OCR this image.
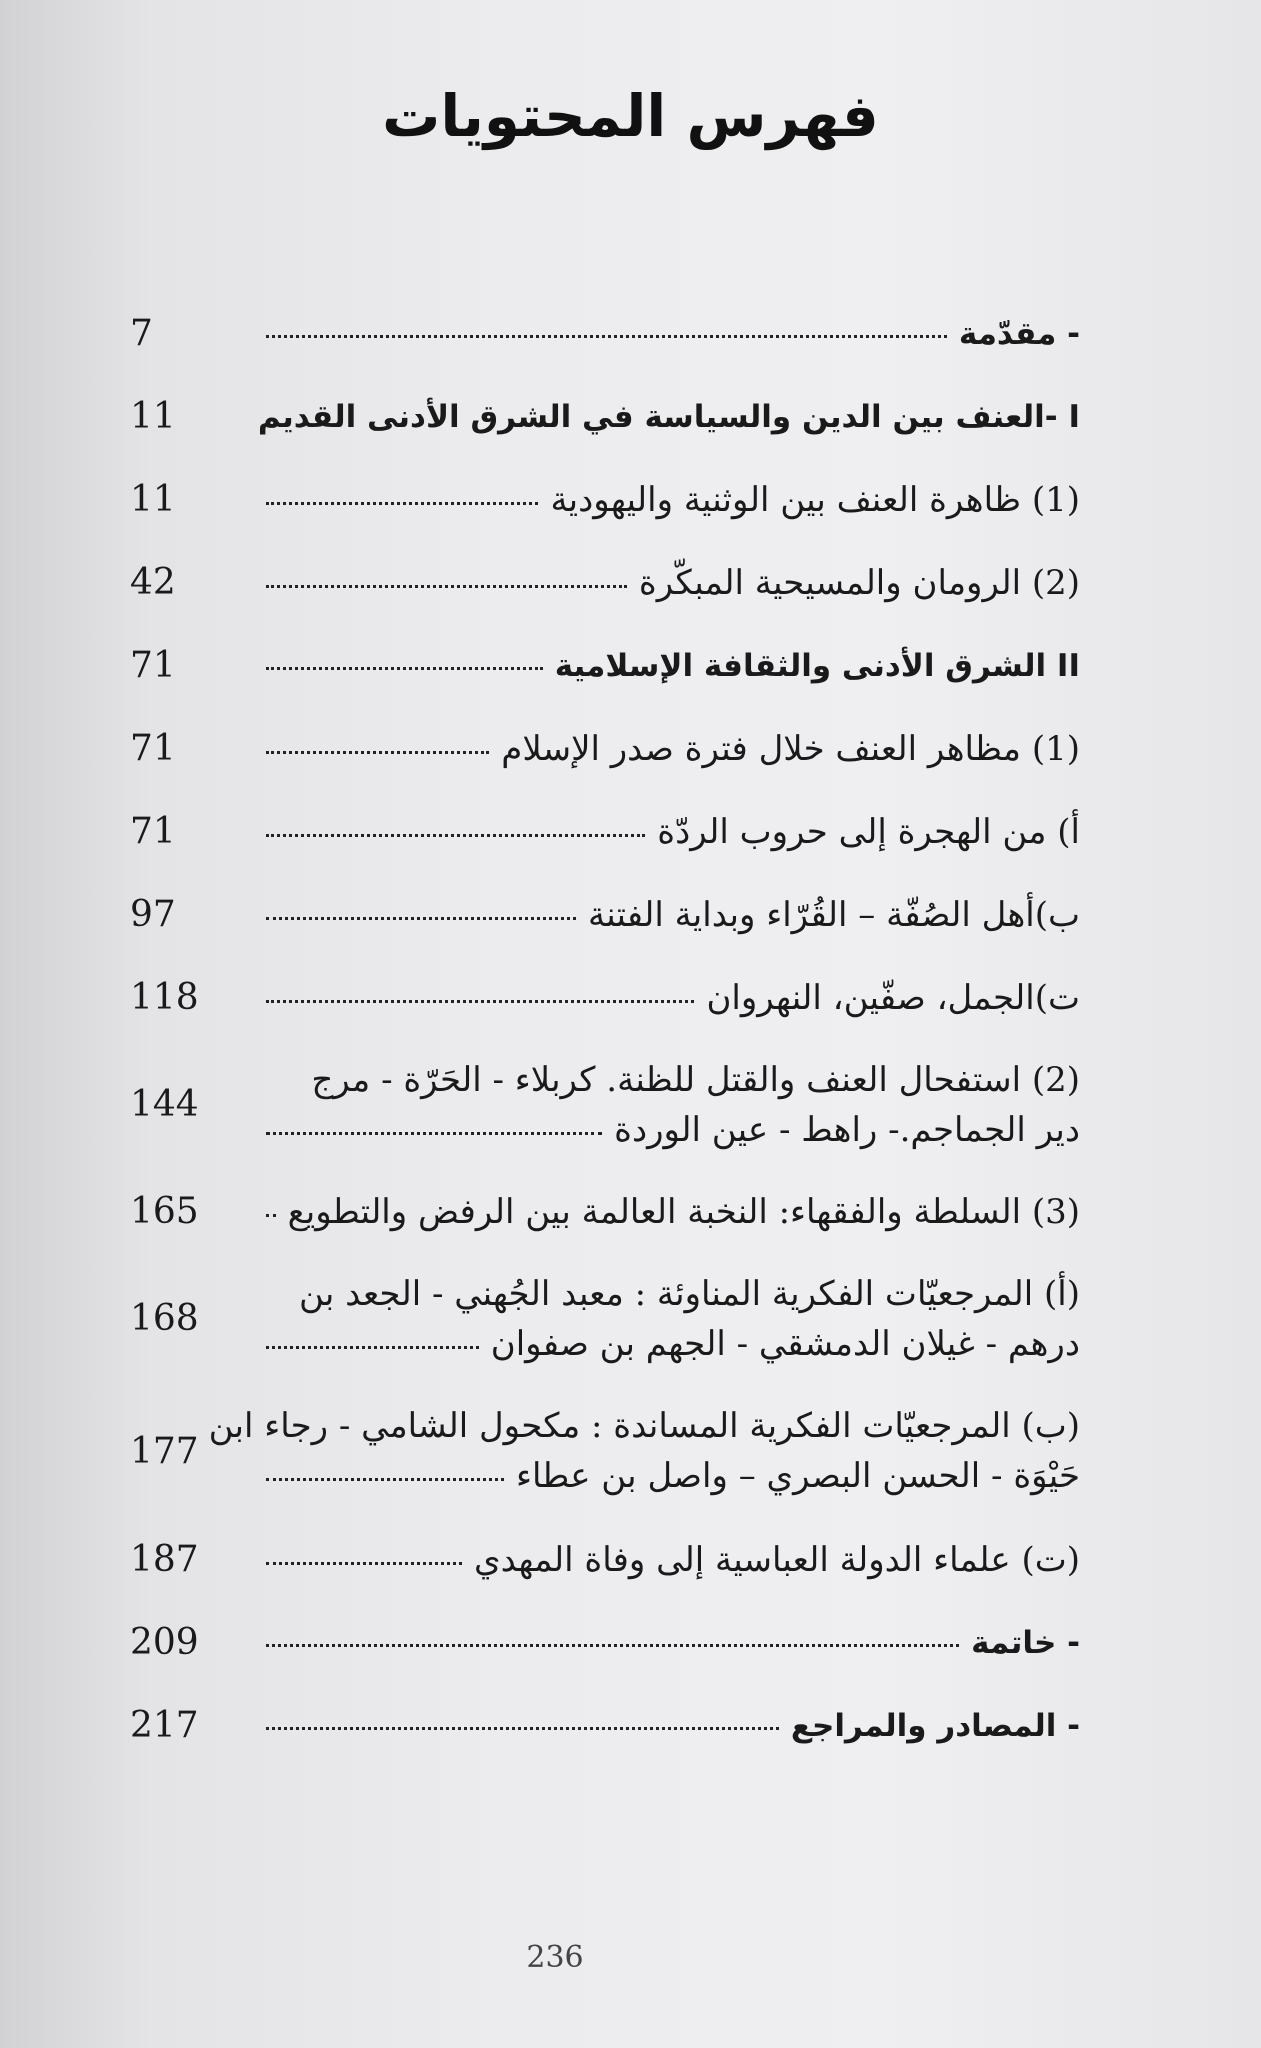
فهرس المحتويات
- مقدّمة
7
I -العنف بين الدين والسياسة في الشرق الأدنى القديم
11
(1) ظاهرة العنف بين الوثنية واليهودية
11
(2) الرومان والمسيحية المبكّرة
42
II الشرق الأدنى والثقافة الإسلامية
71
(1) مظاهر العنف خلال فترة صدر الإسلام
71
أ) من الهجرة إلى حروب الردّة
71
ب)أهل الصُفّة – القُرّاء وبداية الفتنة
97
ت)الجمل، صفّين، النهروان
118
(2) استفحال العنف والقتل للظنة. كربلاء - الحَرّة - مرج
دير الجماجم.- راهط - عين الوردة
144
(3) السلطة والفقهاء: النخبة العالمة بين الرفض والتطويع
165
(أ) المرجعيّات الفكرية المناوئة : معبد الجُهني - الجعد بن
درهم - غيلان الدمشقي - الجهم بن صفوان
168
(ب) المرجعيّات الفكرية المساندة : مكحول الشامي - رجاء ابن
حَيْوَة - الحسن البصري – واصل بن عطاء
177
(ت) علماء الدولة العباسية إلى وفاة المهدي
187
- خاتمة
209
- المصادر والمراجع
217
236
